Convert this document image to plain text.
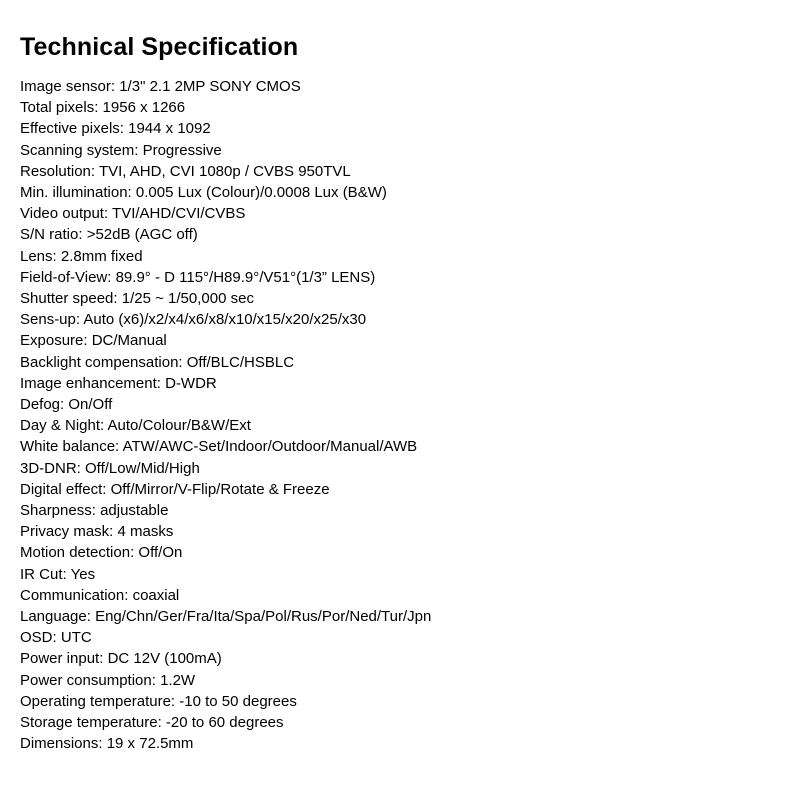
Technical Specification
Image sensor: 1/3" 2.1 2MP SONY CMOS
Total pixels: 1956 x 1266
Effective pixels: 1944 x 1092
Scanning system: Progressive
Resolution: TVI, AHD, CVI 1080p / CVBS 950TVL
Min. illumination: 0.005 Lux (Colour)/0.0008 Lux (B&W)
Video output: TVI/AHD/CVI/CVBS
S/N ratio: >52dB (AGC off)
Lens: 2.8mm fixed
Field-of-View: 89.9° - D 115°/H89.9°/V51°(1/3” LENS)
Shutter speed: 1/25 ~ 1/50,000 sec
Sens-up: Auto (x6)/x2/x4/x6/x8/x10/x15/x20/x25/x30
Exposure: DC/Manual
Backlight compensation: Off/BLC/HSBLC
Image enhancement: D-WDR
Defog: On/Off
Day & Night: Auto/Colour/B&W/Ext
White balance: ATW/AWC-Set/Indoor/Outdoor/Manual/AWB
3D-DNR: Off/Low/Mid/High
Digital effect: Off/Mirror/V-Flip/Rotate & Freeze
Sharpness: adjustable
Privacy mask: 4 masks
Motion detection: Off/On
IR Cut: Yes
Communication: coaxial
Language: Eng/Chn/Ger/Fra/Ita/Spa/Pol/Rus/Por/Ned/Tur/Jpn
OSD: UTC
Power input: DC 12V (100mA)
Power consumption: 1.2W
Operating temperature: -10 to 50 degrees
Storage temperature: -20 to 60 degrees
Dimensions: 19 x 72.5mm
